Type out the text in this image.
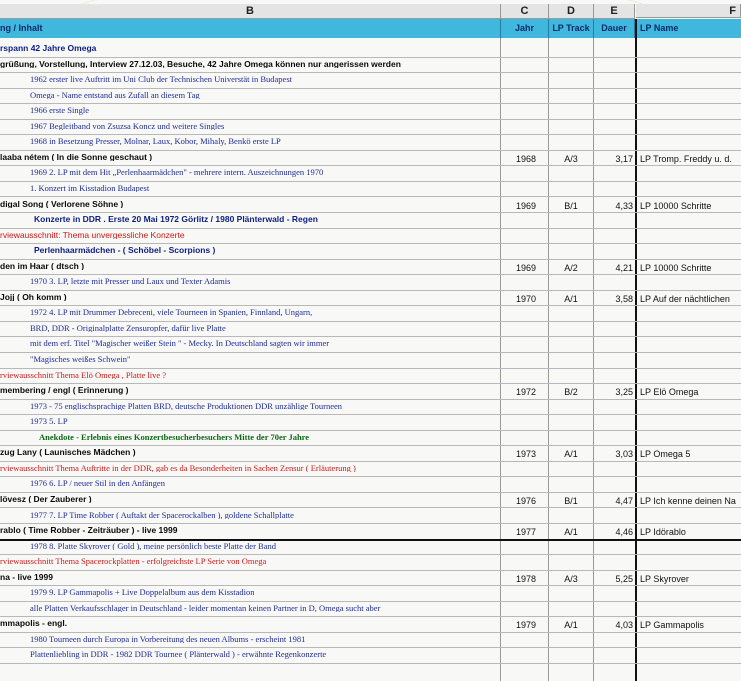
B	C	D	E	F
ng / Inhalt	Jahr	LP Track	Dauer	LP Name
rspann 42 Jahre Omega
grüßung, Vorstellung, Interview 27.12.03, Besuche, 42 Jahre Omega können nur angerissen werden
1962 erster live Auftritt im Uni Club der Technischen Universtät in Budapest
Omega - Name entstand aus Zufall an diesem Tag
1966 erste Single
1967 Begleitband von Zsuzsa Koncz und weitere Singles
1968 in Besetzung Presser, Molnar, Laux, Kobor, Mihaly, Benkö erste LP
laaba nétem ( In die Sonne geschaut )	1968	A/3	3,17 LP Tromp. Freddy u. d.
1969 2. LP mit dem Hit „Perlenhaarmädchen" - mehrere intern. Auszeichnungen 1970
1. Konzert im Kisstadion Budapest
digal Song ( Verlorene Söhne )	1969	B/1	4,33 LP 10000 Schritte
Konzerte in DDR . Erste 20 Mai 1972 Görlitz / 1980 Plänterwald - Regen
rviewausschnitt: Thema unvergessliche Konzerte
Perlenhaarmädchen - ( Schöbel - Scorpions )
den im Haar ( dtsch )	1969	A/2	4,21 LP 10000 Schritte
1970 3. LP, letzte mit Presser und Laux und Texter Adamis
Jojj ( Oh komm )	1970	A/1	3,58 LP Auf der nächtlichen
1972 4. LP mit Drummer Debreceni, viele Tourneen in Spanien, Finnland, Ungarn,
BRD, DDR - Originalplatte Zensuropfer, dafür live Platte
mit dem erf. Titel "Magischer weißer Stein " - Mecky. In Deutschland sagten wir immer
"Magisches weißes Schwein"
rviewausschnitt Thema Elö Omega , Platte live ?
membering / engl ( Erinnerung )	1972	B/2	3,25 LP Elö Omega
1973 - 75 englischsprachige Platten BRD, deutsche Produktionen DDR unzählige Tourneen
1973 5. LP
Anekdote - Erlebnis eines Konzertbesucherbesuchers Mitte der 70er Jahre
zug Lany ( Launisches Mädchen )	1973	A/1	3,03 LP Omega 5
rviewausschnitt Thema Auftritte in der DDR, gab es da Besonderheiten in Sachen Zensur ( Erläuterung )
1976 6. LP / neuer Stil in den Anfängen
lövesz ( Der Zauberer )	1976	B/1	4,47 LP Ich kenne deinen Na
1977 7. LP Time Robber ( Auftakt der Spacerockalben ), goldene Schallplatte
rablo ( Time Robber - Zeiträuber ) - live 1999	1977	A/1	4,46 LP Idörablo
1978 8. Platte Skyrover ( Gold ), meine persönlich beste Platte der Band
rviewausschnitt Thema Spacerockplatten - erfolgreichste LP Serie von Omega
na - live 1999	1978	A/3	5,25 LP Skyrover
1979 9. LP Gammapolis + Live Doppelalbum aus dem Kisstadion
alle Platten Verkaufsschlager in Deutschland - leider momentan keinen Partner in D, Omega sucht aber
mmapolis - engl.	1979	A/1	4,03 LP Gammapolis
1980 Tourneen durch Europa in Vorbereitung des neuen Albums - erscheint 1981
Plattenliebling in DDR - 1982 DDR Tournee ( Plänterwald ) - erwähnte Regenkonzerte
